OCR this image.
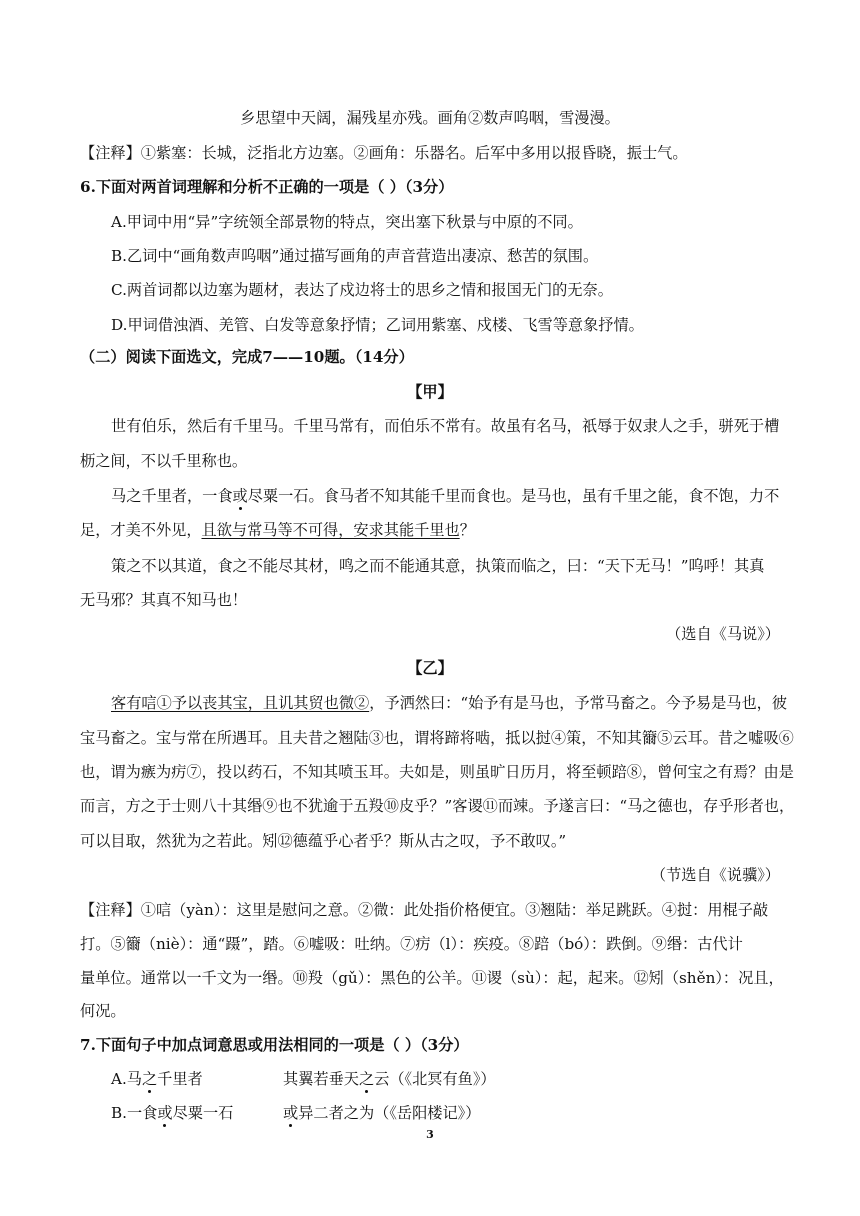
乡思望中天阔，漏残星亦残。画角②数声呜咽，雪漫漫。
【注释】①紫塞：长城，泛指北方边塞。②画角：乐器名。后军中多用以报昏晓，振士气。
6.下面对两首词理解和分析不正确的一项是（ ）（3分）
A.甲词中用“异”字统领全部景物的特点，突出塞下秋景与中原的不同。
B.乙词中“画角数声呜咽”通过描写画角的声音营造出凄凉、愁苦的氛围。
C.两首词都以边塞为题材，表达了戍边将士的思乡之情和报国无门的无奈。
D.甲词借浊酒、羌管、白发等意象抒情；乙词用紫塞、戍楼、飞雪等意象抒情。
（二）阅读下面选文，完成7——10题。（14分）
【甲】
世有伯乐，然后有千里马。千里马常有，而伯乐不常有。故虽有名马，祇辱于奴隶人之手，骈死于槽
枥之间，不以千里称也。
马之千里者，一食或尽粟一石。食马者不知其能千里而食也。是马也，虽有千里之能，食不饱，力不
足，才美不外见，且欲与常马等不可得，安求其能千里也？
策之不以其道，食之不能尽其材，鸣之而不能通其意，执策而临之，曰：“天下无马！”呜呼！其真
无马邪？其真不知马也！
（选自《马说》）
【乙】
客有唁①予以丧其宝，且讥其贸也微②，予洒然曰：“始予有是马也，予常马畜之。今予易是马也，彼
宝马畜之。宝与常在所遇耳。且夫昔之翘陆③也，谓将蹄将啮，抵以挝④策，不知其籋⑤云耳。昔之嘘吸⑥
也，谓为瘯为疠⑦，投以药石，不知其喷玉耳。夫如是，则虽旷日历月，将至顿踣⑧，曾何宝之有焉？由是
而言，方之于士则八十其缗⑨也不犹逾于五羖⑩皮乎？”客谡⑪而竦。予遂言曰：“马之德也，存乎形者也，
可以目取，然犹为之若此。矧⑫德蕴乎心者乎？斯从古之叹，予不敢叹。”
（节选自《说骥》）
【注释】①唁（yàn）：这里是慰问之意。②微：此处指价格便宜。③翘陆：举足跳跃。④挝：用棍子敲
打。⑤籋（niè）：通“蹑”，踏。⑥嘘吸：吐纳。⑦疠（l）：疾疫。⑧踣（bó）：跌倒。⑨缗：古代计
量单位。通常以一千文为一缗。⑩羖（gǔ）：黑色的公羊。⑪谡（sù）：起，起来。⑫矧（shěn）：况且，
何况。
7.下面句子中加点词意思或用法相同的一项是（ ）（3分）
A.马之千里者	其翼若垂天之云（《北冥有鱼》）
B.一食或尽粟一石	或异二者之为（《岳阳楼记》）
3
